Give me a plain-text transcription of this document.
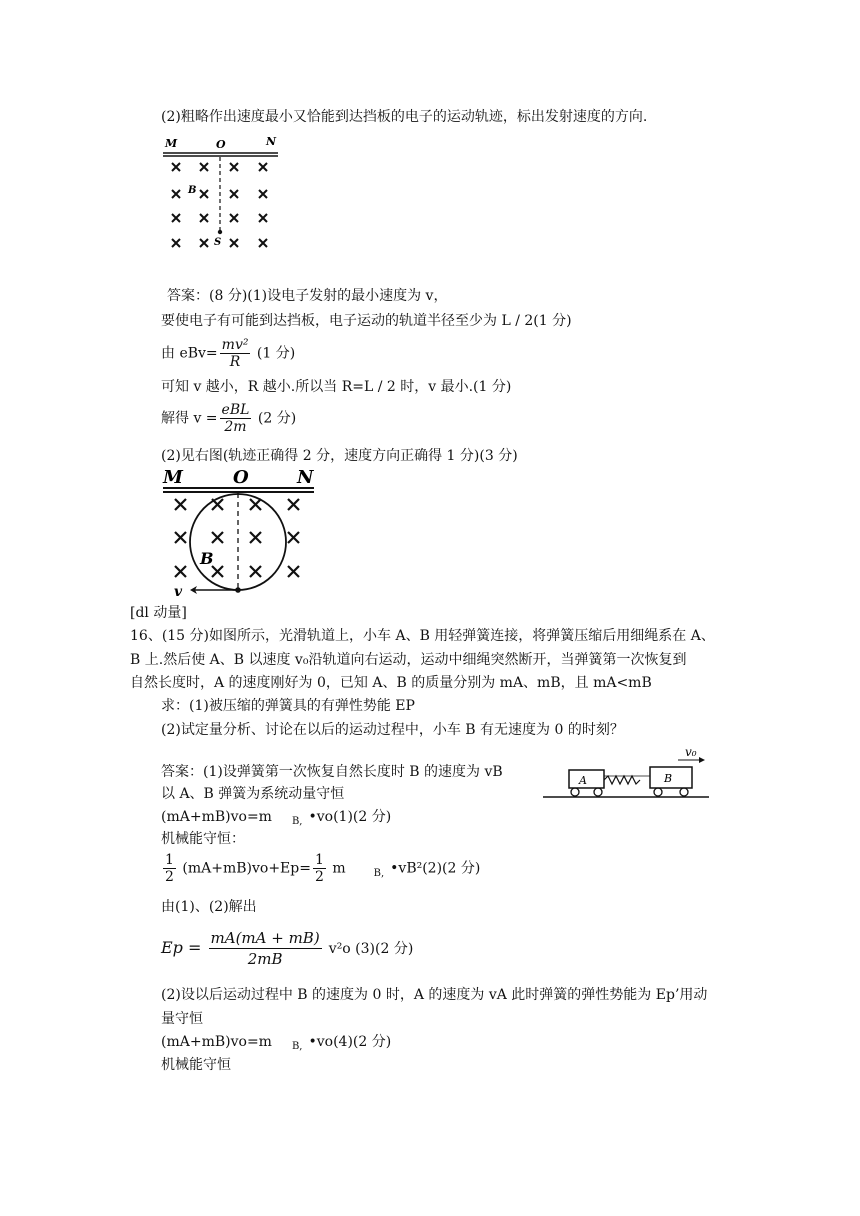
(2)粗略作出速度最小又恰能到达挡板的电子的运动轨迹，标出发射速度的方向.
M	O	N
B
S
答案：(8 分)(1)设电子发射的最小速度为 v，
要使电子有可能到达挡板，电子运动的轨道半径至少为 L / 2(1 分)
由 $eBv= \frac{\text{mv²}}{R} (1$ 分)
可知 v 越小，R 越小.所以当 R=L / 2 时，v 最小.(1 分)
解得 $v = \frac{\text{eBL}}{2m} (2$ 分)
(2)见右图(轨迹正确得 2 分，速度方向正确得 1 分)(3 分)
M	O	N
B
v
[dl 动量]
16、(15 分)如图所示，光滑轨道上，小车 A、B 用轻弹簧连接，将弹簧压缩后用细绳系在 A、
B 上.然后使 A、B 以速度 v₀沿轨道向右运动，运动中细绳突然断开，当弹簧第一次恢复到
自然长度时，A 的速度刚好为 0，已知 A、B 的质量分别为 mA、mB，且 mA<mB
求：(1)被压缩的弹簧具的有弹性势能 EP
(2)试定量分析、讨论在以后的运动过程中，小车 B 有无速度为 0 的时刻？
v₀
A	B
答案：(1)设弹簧第一次恢复自然长度时 B 的速度为 vB
以 A、B 弹簧为系统动量守恒
(mA+mB)vo=m $_{B,}$ •vo(1)(2 分)
机械能守恒：
$\frac{1}{2} (mA+mB)vo+Ep= \frac{1}{2}$ m	$_{B,}$ •vB²(2)(2 分)
由(1)、(2)解出
$Ep = \frac{mA(mA + mB)}{2mB} v^2o$ (3)(2 分)
(2)设以后运动过程中 B 的速度为 0 时，A 的速度为 vA 此时弹簧的弹性势能为 Ep’用动
量守恒
(mA+mB)vo=m $_{B,}$ •vo(4)(2 分)
机械能守恒
